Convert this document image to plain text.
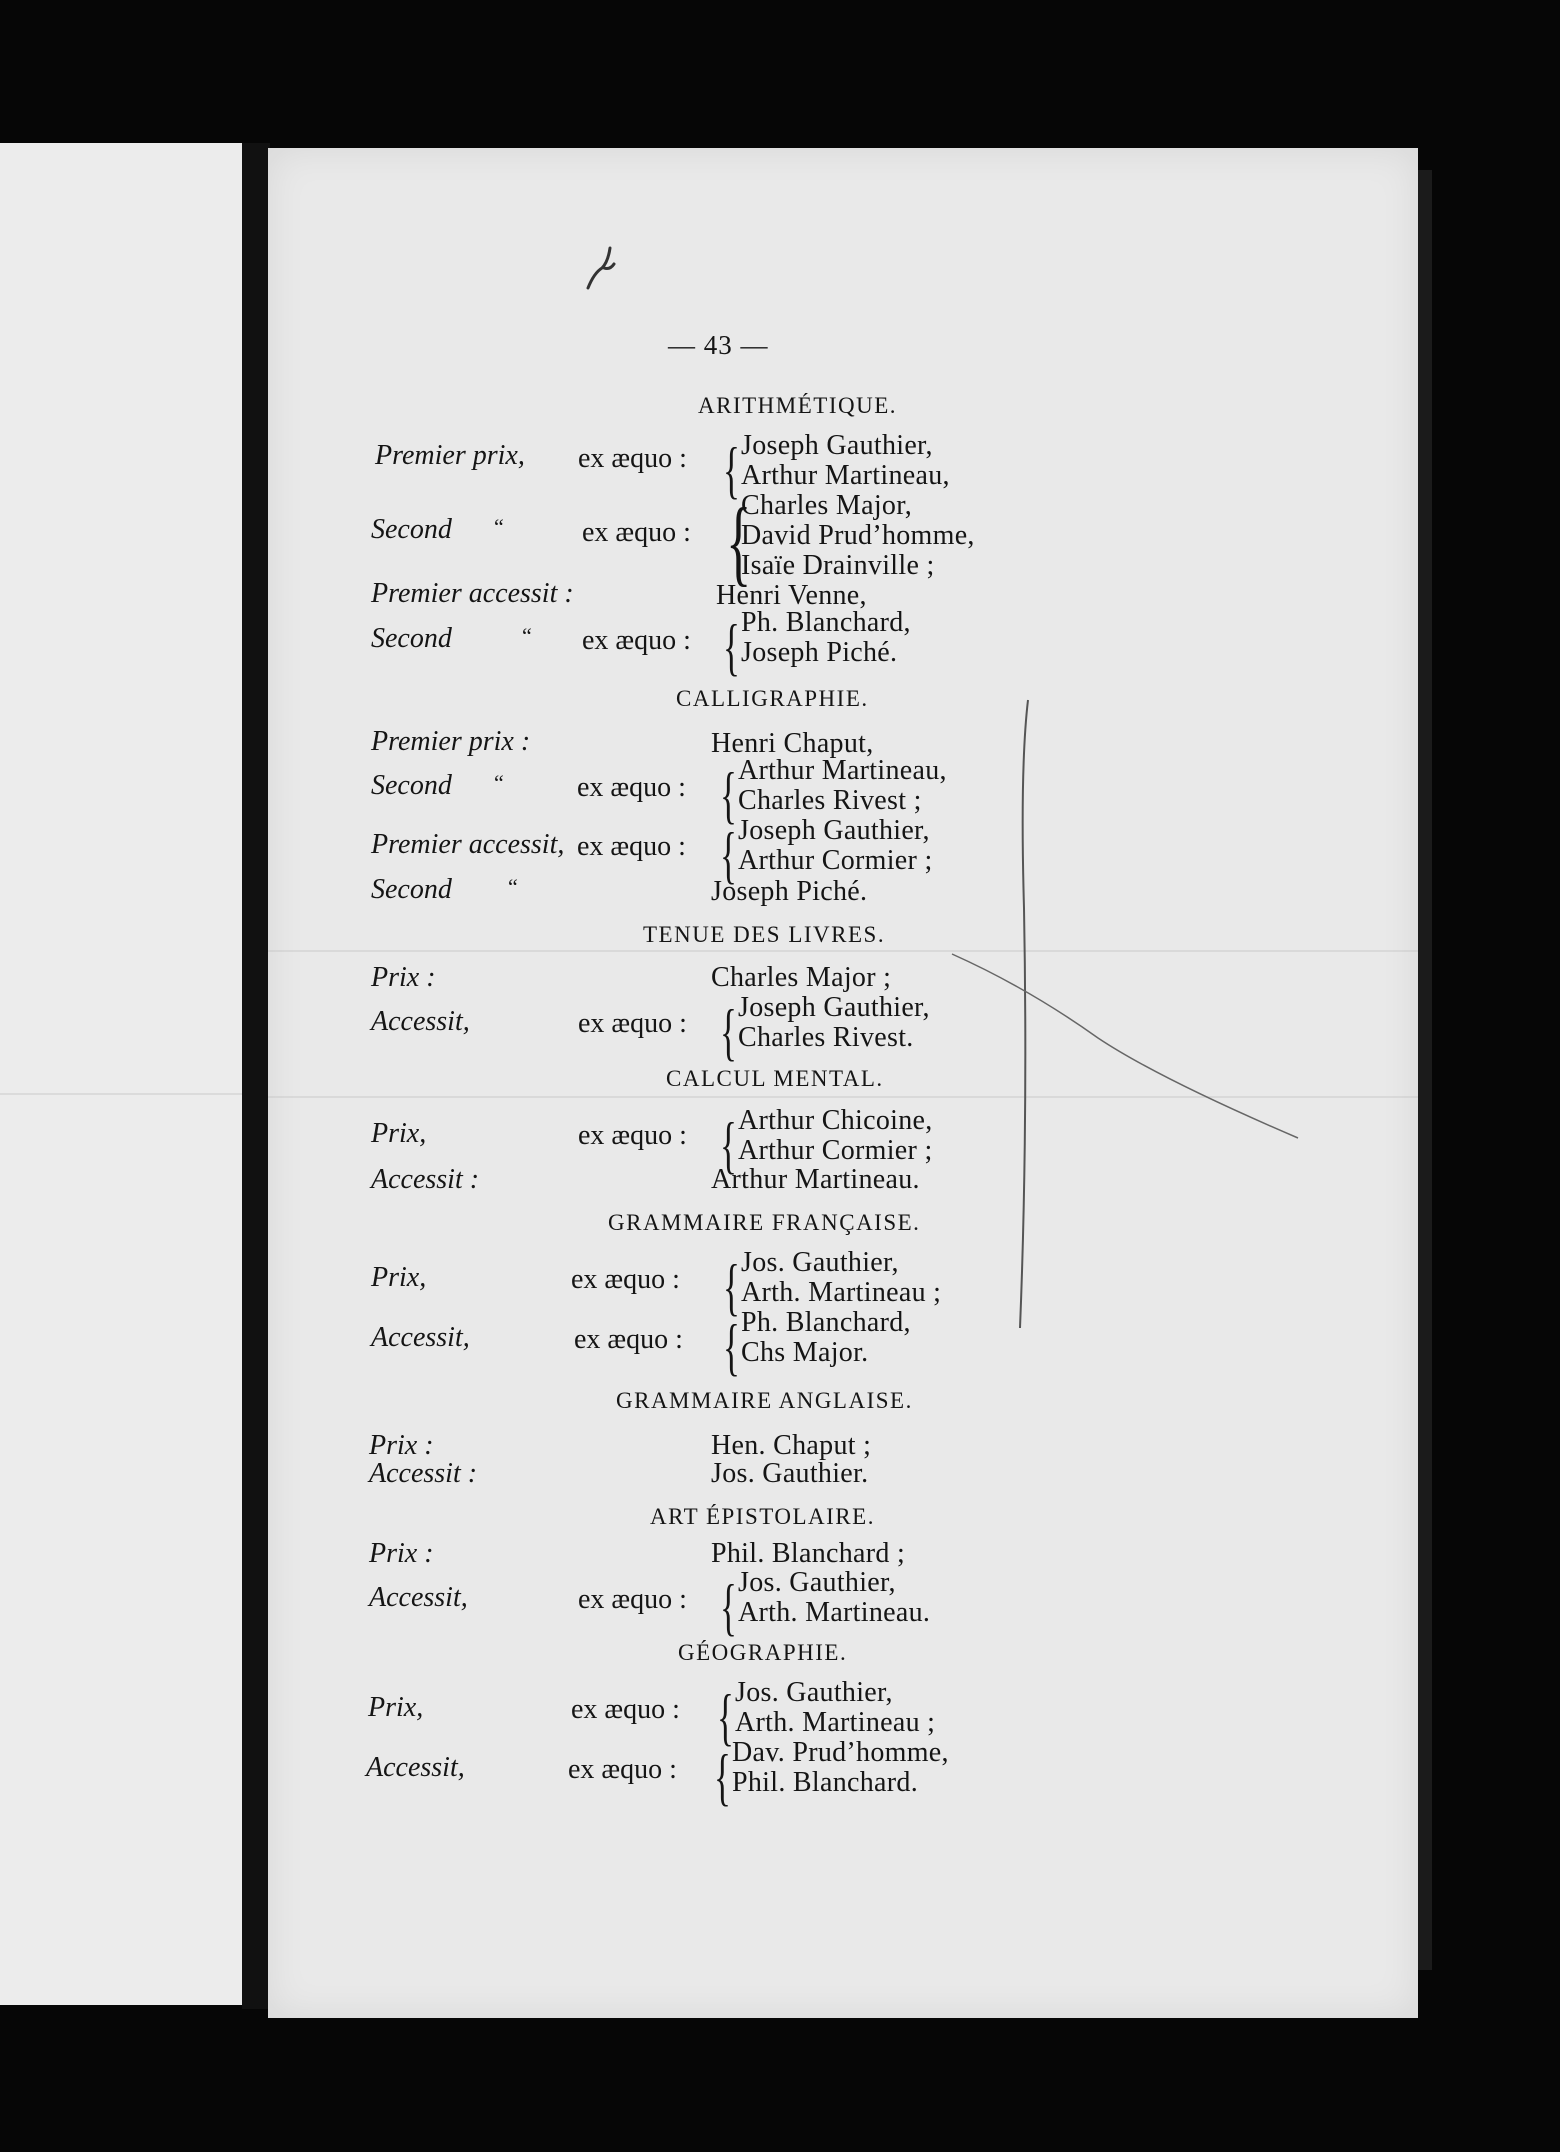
— 43 —
ARITHMÉTIQUE.
Premier prix, ex æquo : { Joseph Gauthier,
Arthur Martineau,
Second “	ex æquo : {
Charles Major,
David Prud’homme,
Isaïe Drainville ;
Premier accessit :	Henri Venne,
Second	“ ex æquo : { Ph. Blanchard,
Joseph Piché.
CALLIGRAPHIE.
Premier prix :	Henri Chaput,
Second “	ex æquo : { Arthur Martineau,
Charles Rivest ;
Premier accessit, ex æquo : { Joseph Gauthier,
Arthur Cormier ;
Second	“	Joseph Piché.
TENUE DES LIVRES.
Prix :	Charles Major ;
Accessit,	ex æquo : { Joseph Gauthier,
Charles Rivest.
CALCUL MENTAL.
Prix,	ex æquo : { Arthur Chicoine,
Arthur Cormier ;
Accessit :	Arthur Martineau.
GRAMMAIRE FRANÇAISE.
Prix,	ex æquo : { Jos. Gauthier,
Arth. Martineau ;
Accessit,	ex æquo : { Ph. Blanchard,
Chs Major.
GRAMMAIRE ANGLAISE.
Prix :	Hen. Chaput ;
Accessit :	Jos. Gauthier.
ART ÉPISTOLAIRE.
Prix :	Phil. Blanchard ;
Accessit,	ex æquo : { Jos. Gauthier,
Arth. Martineau.
GÉOGRAPHIE.
Prix,	ex æquo : { Jos. Gauthier,
Arth. Martineau ;
Accessit,	ex æquo : { Dav. Prud’homme,
Phil. Blanchard.
